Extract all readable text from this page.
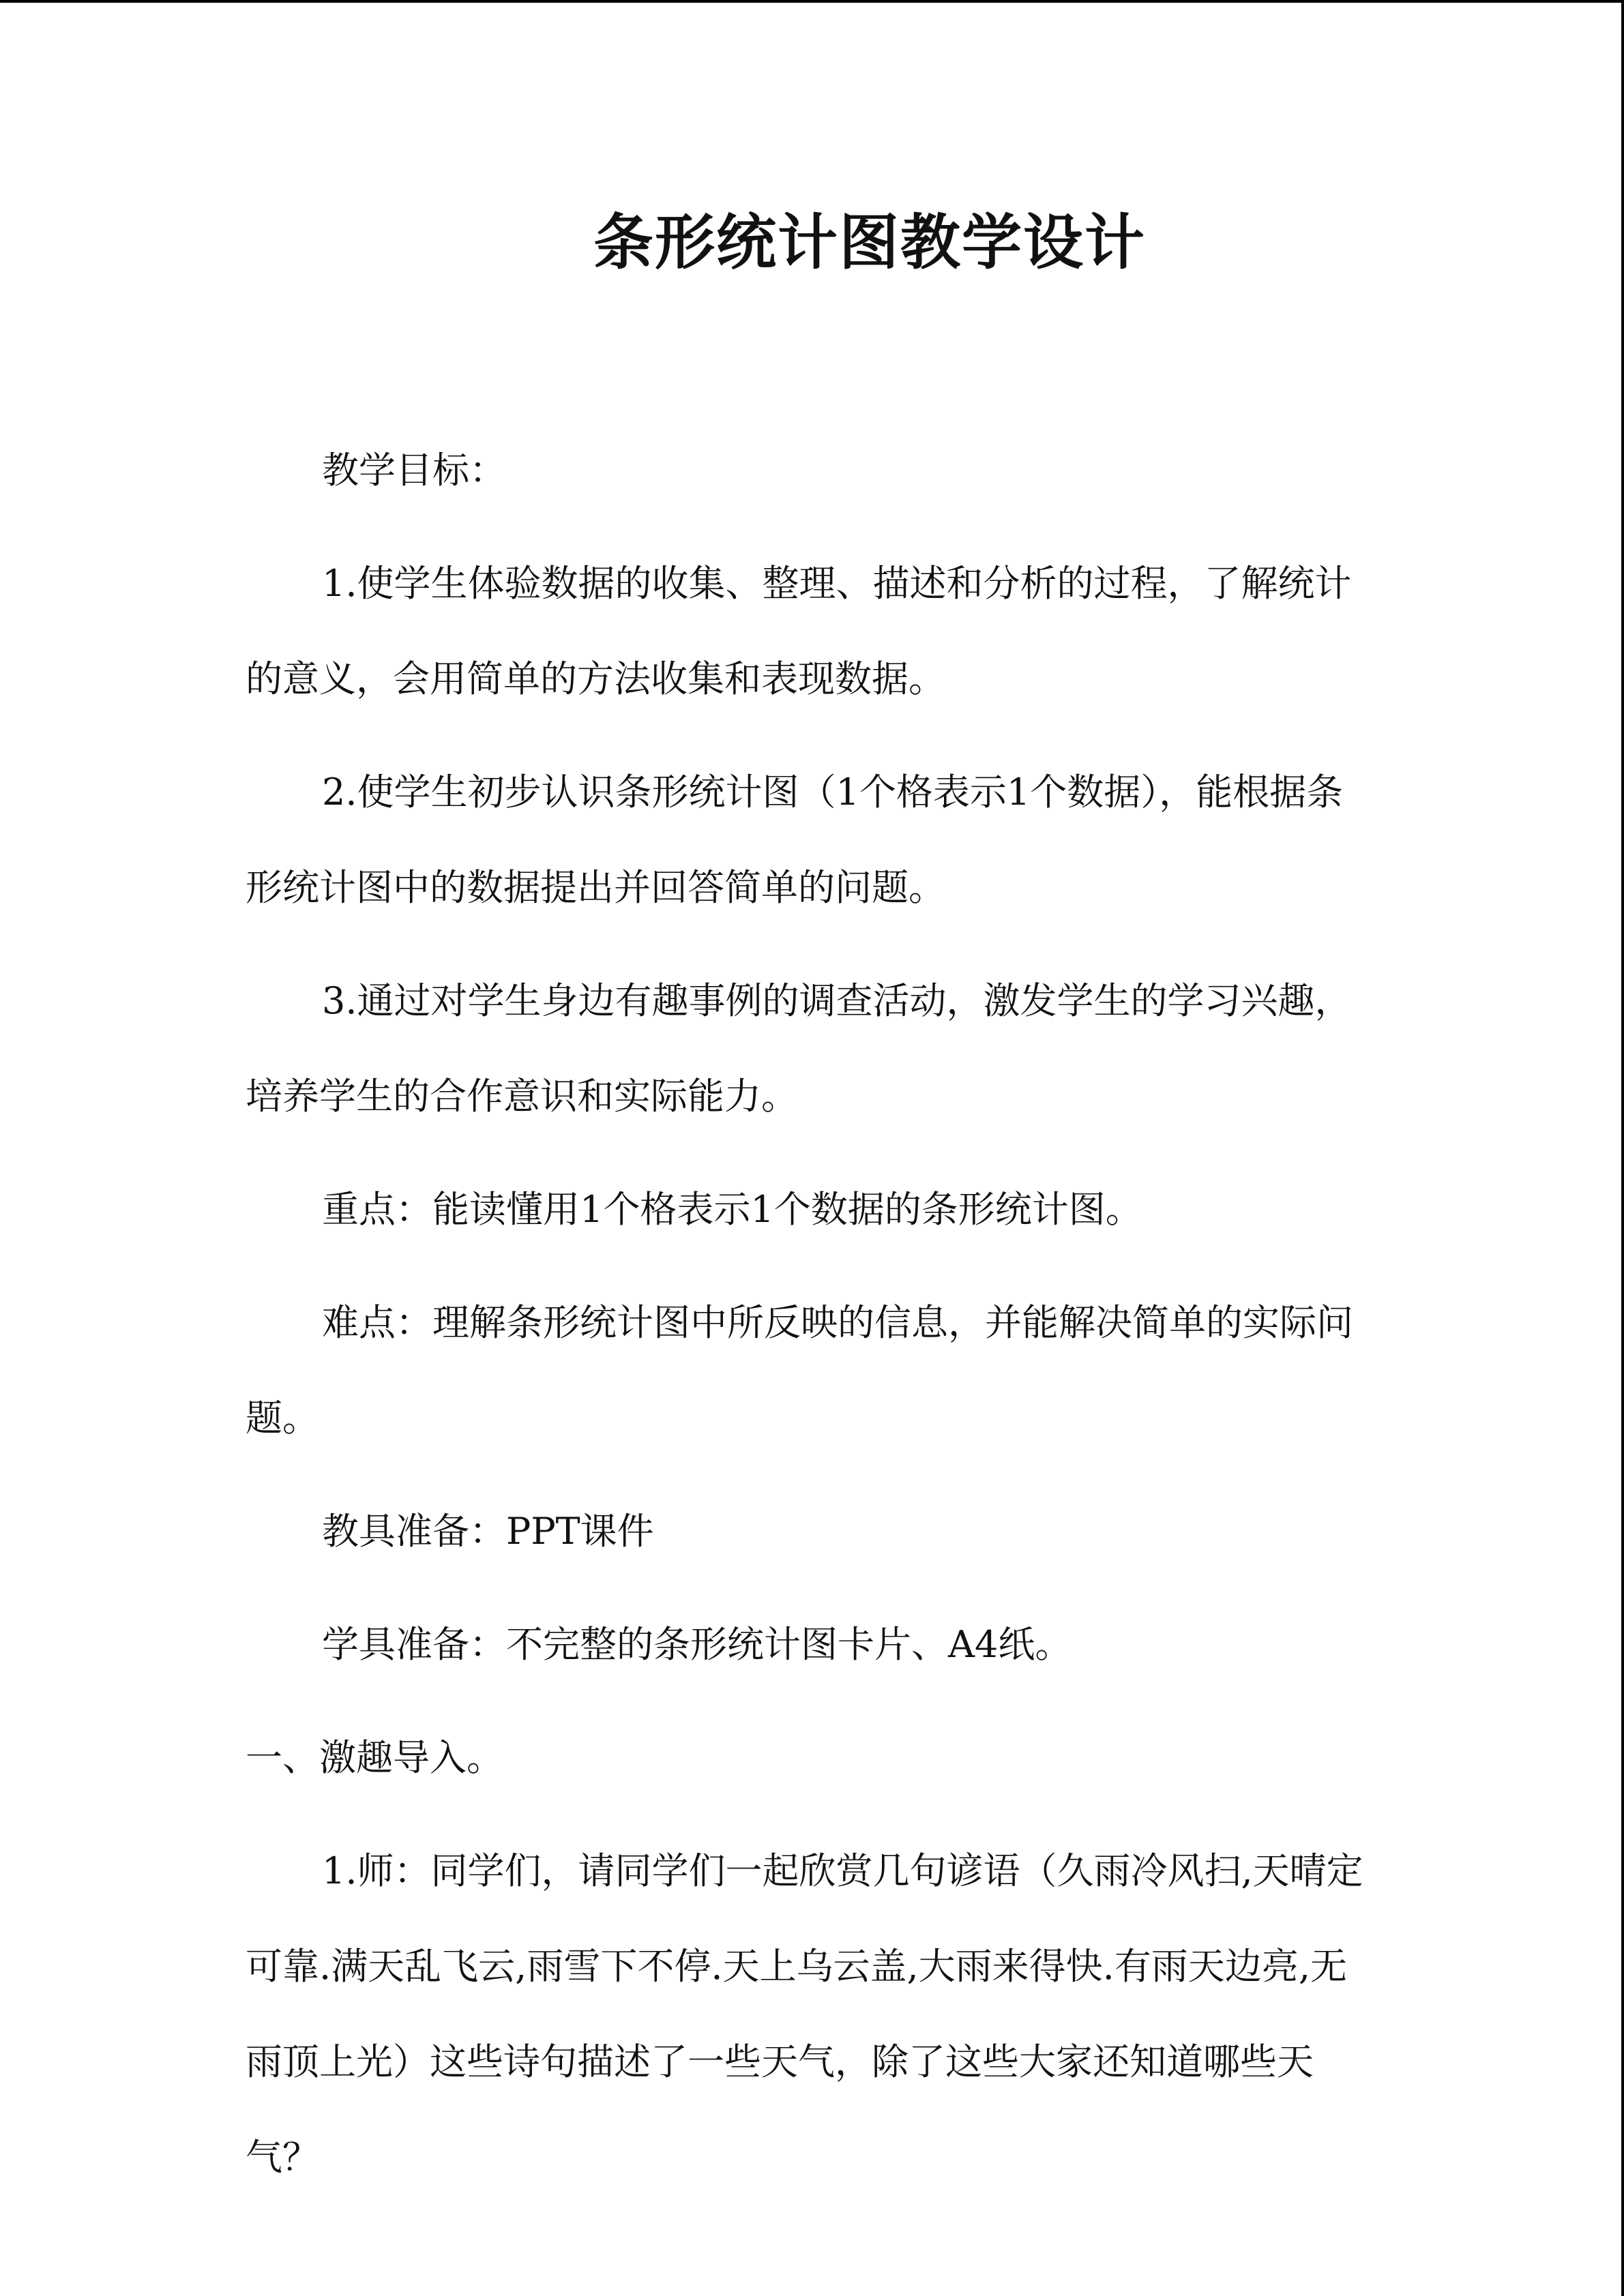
条形统计图教学设计

教学目标：

1.使学生体验数据的收集、整理、描述和分析的过程，了解统计的意义，会用简单的方法收集和表现数据。

2.使学生初步认识条形统计图（1个格表示1个数据），能根据条形统计图中的数据提出并回答简单的问题。

3.通过对学生身边有趣事例的调查活动，激发学生的学习兴趣，培养学生的合作意识和实际能力。

重点：能读懂用1个格表示1个数据的条形统计图。

难点：理解条形统计图中所反映的信息，并能解决简单的实际问题。

教具准备：PPT课件

学具准备：不完整的条形统计图卡片、A4纸。

一、激趣导入。

1.师：同学们，请同学们一起欣赏几句谚语（久雨冷风扫,天晴定可靠.满天乱飞云,雨雪下不停.天上乌云盖,大雨来得快.有雨天边亮,无雨顶上光）这些诗句描述了一些天气，除了这些大家还知道哪些天气？
